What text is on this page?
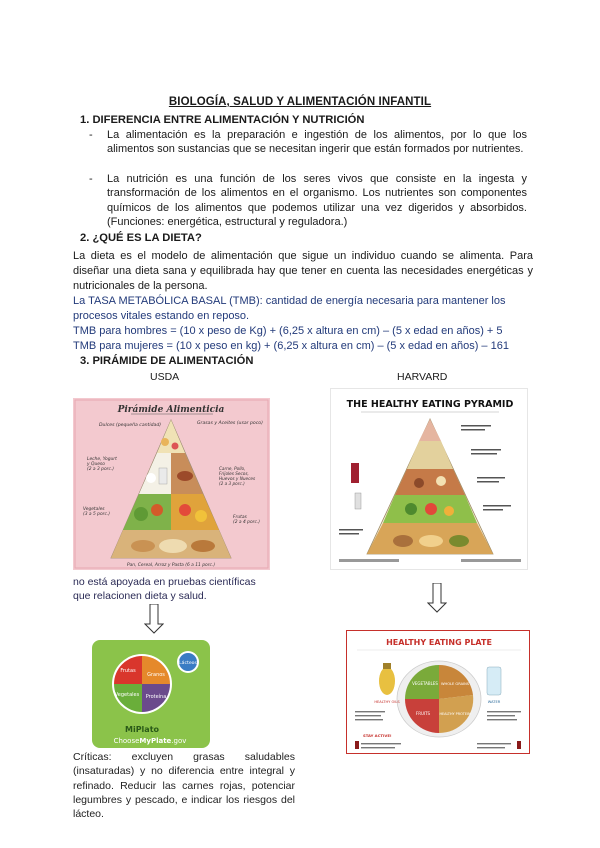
BIOLOGÍA, SALUD Y ALIMENTACIÓN INFANTIL
1. DIFERENCIA ENTRE ALIMENTACIÓN Y NUTRICIÓN
- La alimentación es la preparación e ingestión de los alimentos, por lo que los alimentos son sustancias que se necesitan ingerir que están formados por nutrientes.
- La nutrición es una función de los seres vivos que consiste en la ingesta y transformación de los alimentos en el organismo. Los nutrientes son componentes químicos de los alimentos que podemos utilizar una vez digeridos y absorbidos. (Funciones: energética, estructural y reguladora.)
2. ¿QUÉ ES LA DIETA?
La dieta es el modelo de alimentación que sigue un individuo cuando se alimenta. Para diseñar una dieta sana y equilibrada hay que tener en cuenta las necesidades energéticas y nutricionales de la persona.
La TASA METABÓLICA BASAL (TMB): cantidad de energía necesaria para mantener los procesos vitales estando en reposo.
TMB para hombres = (10 x peso de Kg) + (6,25 x altura en cm) – (5 x edad en años) + 5
TMB para mujeres = (10 x peso en kg) + (6,25 x altura en cm) – (5 x edad en años) – 161
3. PIRÁMIDE DE ALIMENTACIÓN
USDA	HARVARD
Pirámide Alimenticia
Dulces (pequeña cantidad)	Grasas y Aceites (usar poco)
Carne, Pollo, Frijoles Secos, Huevos y Nueces (2 a 3 porc.)
Leche, Yogurt y Queso (2 a 3 porc.)
Vegetales (3 a 5 porc.)
Frutas (2 a 4 porc.)
Pan, Cereal, Arroz y Pasta (6 a 11 porc.)
THE HEALTHY EATING PYRAMID
no está apoyada en pruebas científicas que relacionen dieta y salud.
Frutas
Granos
Vegetales Proteína
Lácteos
MiPlato
ChooseMyPlate.gov
HEALTHY EATING PLATE
VEGETABLES
FRUITS
WHOLE GRAINS
HEALTHY PROTEIN
HEALTHY OILS	WATER
STAY ACTIVE!
Críticas: excluyen grasas saludables (insaturadas) y no diferencia entre integral y refinado. Reducir las carnes rojas, potenciar legumbres y pescado, e indicar los riesgos del lácteo.
